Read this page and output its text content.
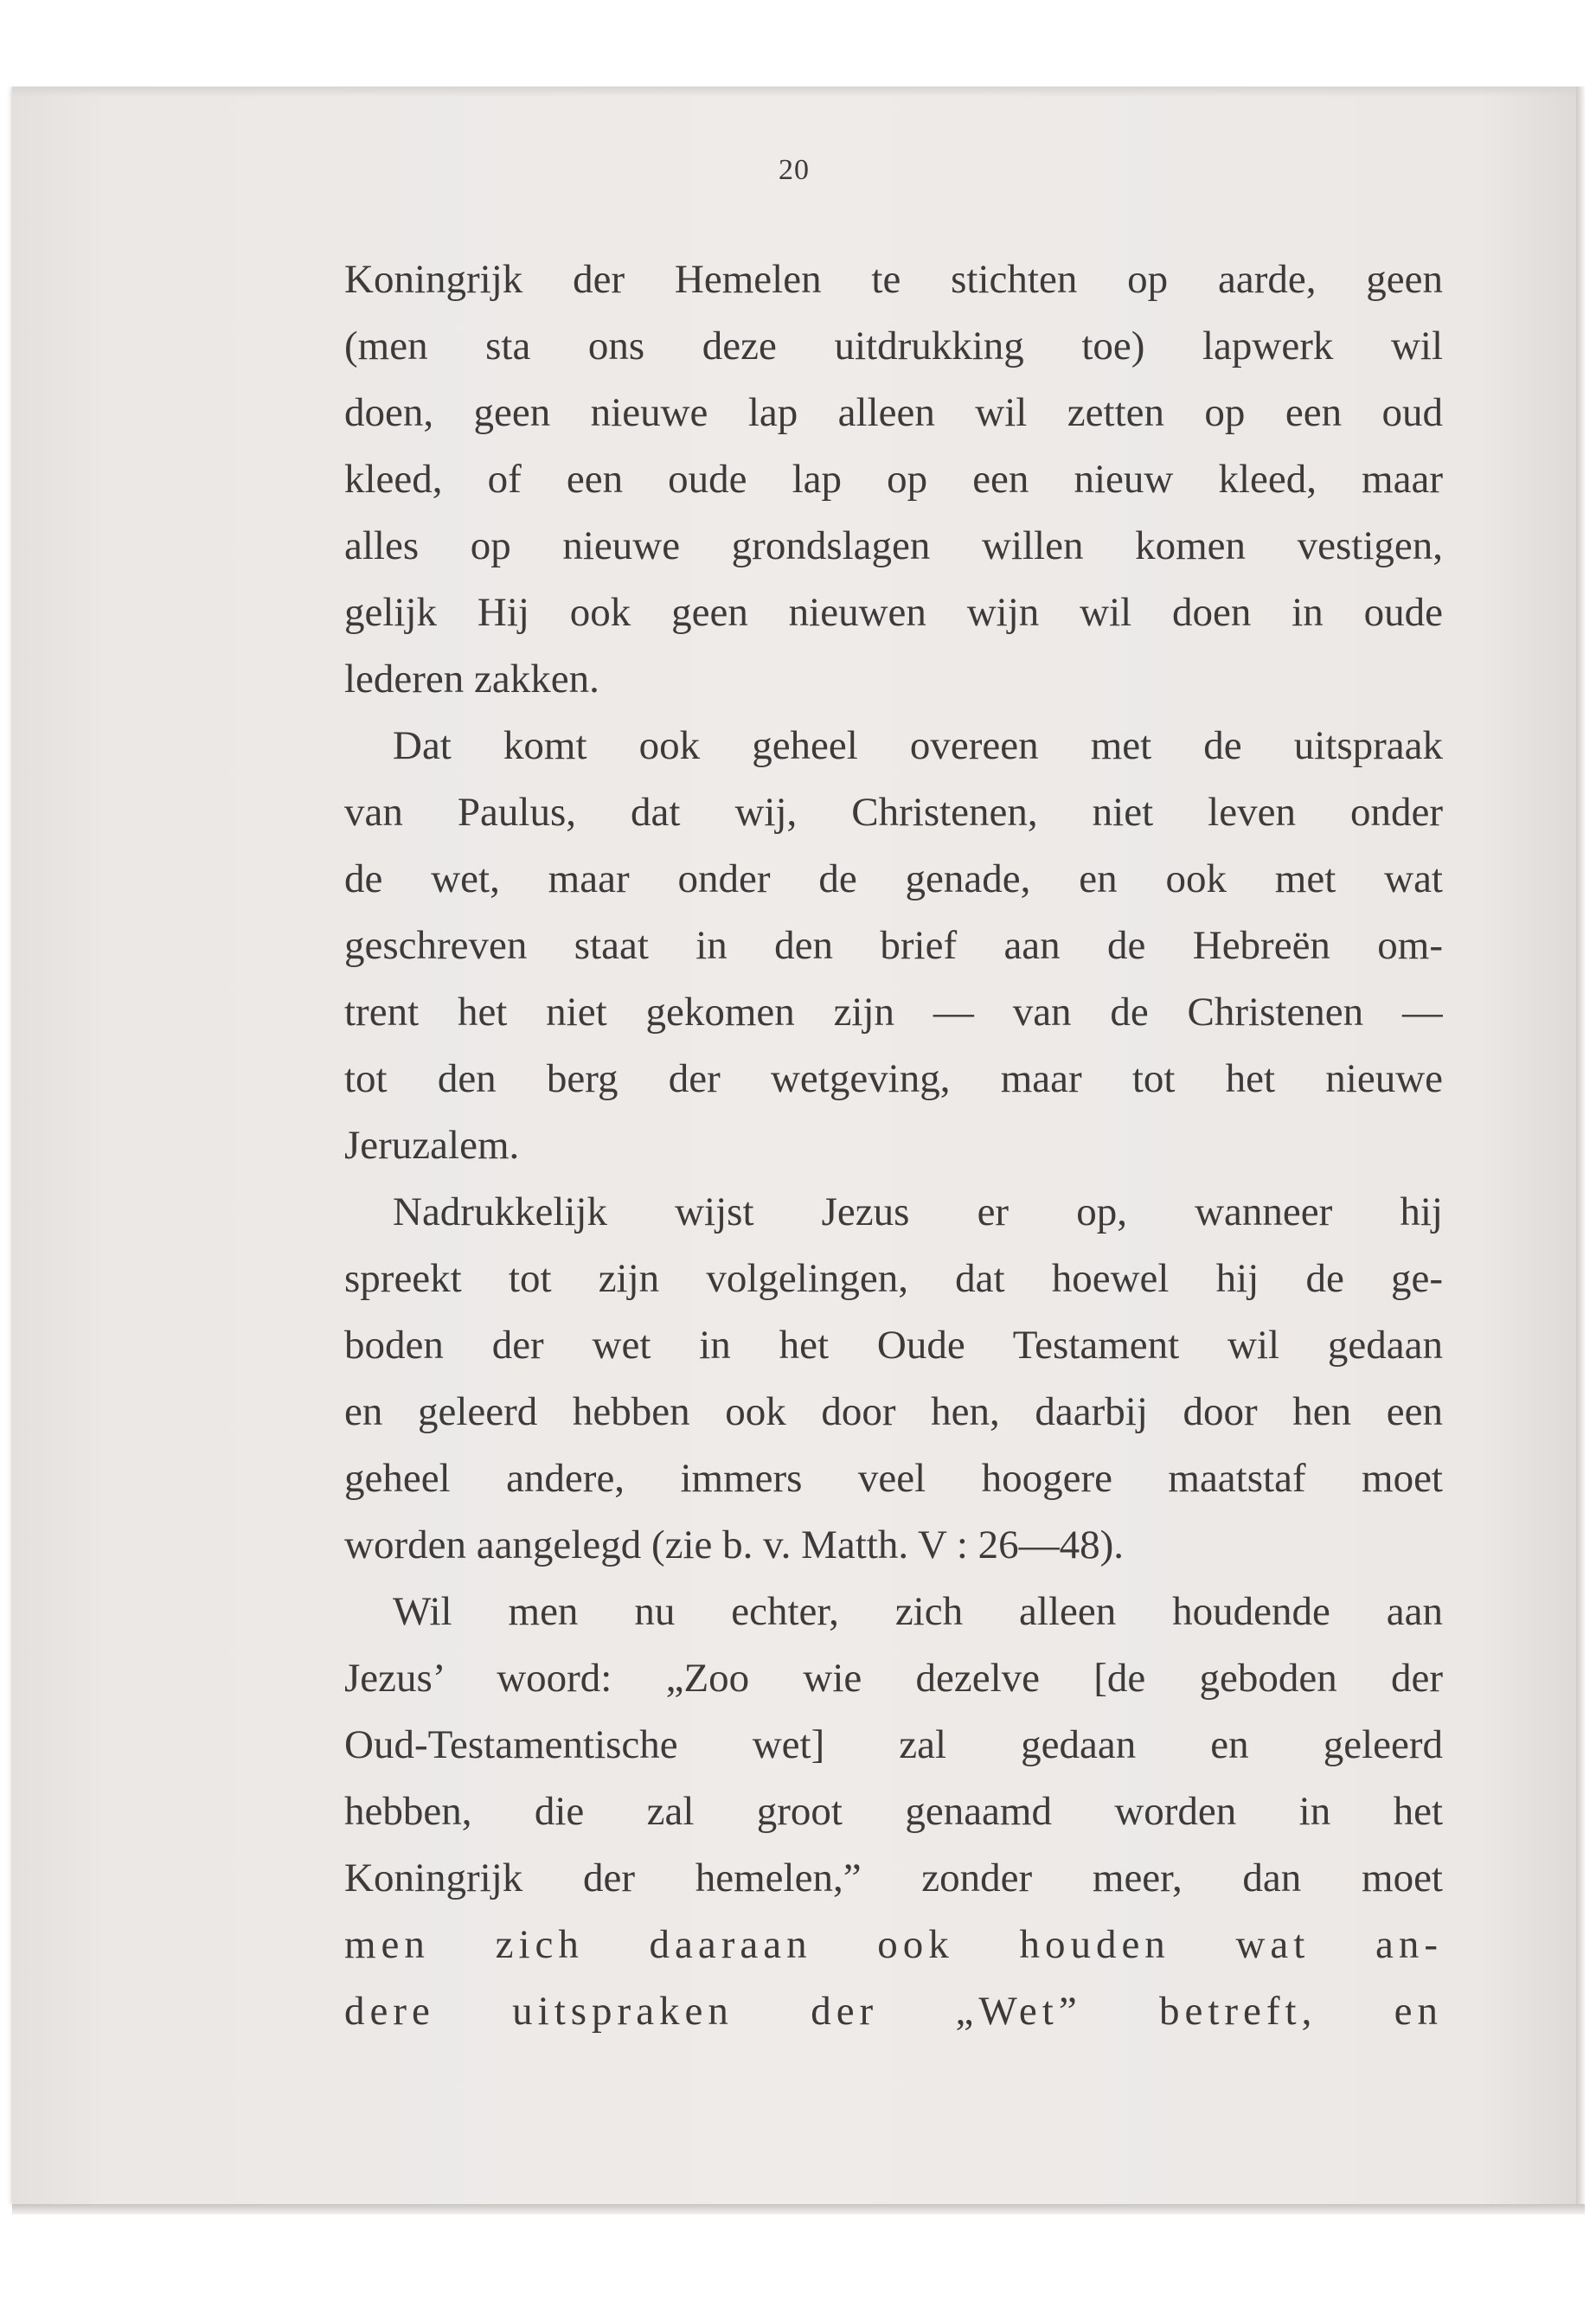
20
Koningrijk der Hemelen te stichten op aarde, geen
(men sta ons deze uitdrukking toe) lapwerk wil
doen, geen nieuwe lap alleen wil zetten op een oud
kleed, of een oude lap op een nieuw kleed, maar
alles op nieuwe grondslagen willen komen vestigen,
gelijk Hij ook geen nieuwen wijn wil doen in oude
lederen zakken.
Dat komt ook geheel overeen met de uitspraak
van Paulus, dat wij, Christenen, niet leven onder
de wet, maar onder de genade, en ook met wat
geschreven staat in den brief aan de Hebreën om-
trent het niet gekomen zijn — van de Christenen —
tot den berg der wetgeving, maar tot het nieuwe
Jeruzalem.
Nadrukkelijk wijst Jezus er op, wanneer hij
spreekt tot zijn volgelingen, dat hoewel hij de ge-
boden der wet in het Oude Testament wil gedaan
en geleerd hebben ook door hen, daarbij door hen een
geheel andere, immers veel hoogere maatstaf moet
worden aangelegd (zie b. v. Matth. V : 26—48).
Wil men nu echter, zich alleen houdende aan
Jezus’ woord: „Zoo wie dezelve [de geboden der
Oud-Testamentische wet] zal gedaan en geleerd
hebben, die zal groot genaamd worden in het
Koningrijk der hemelen,” zonder meer, dan moet
men zich daaraan ook houden wat an-
dere uitspraken der „Wet” betreft, en
